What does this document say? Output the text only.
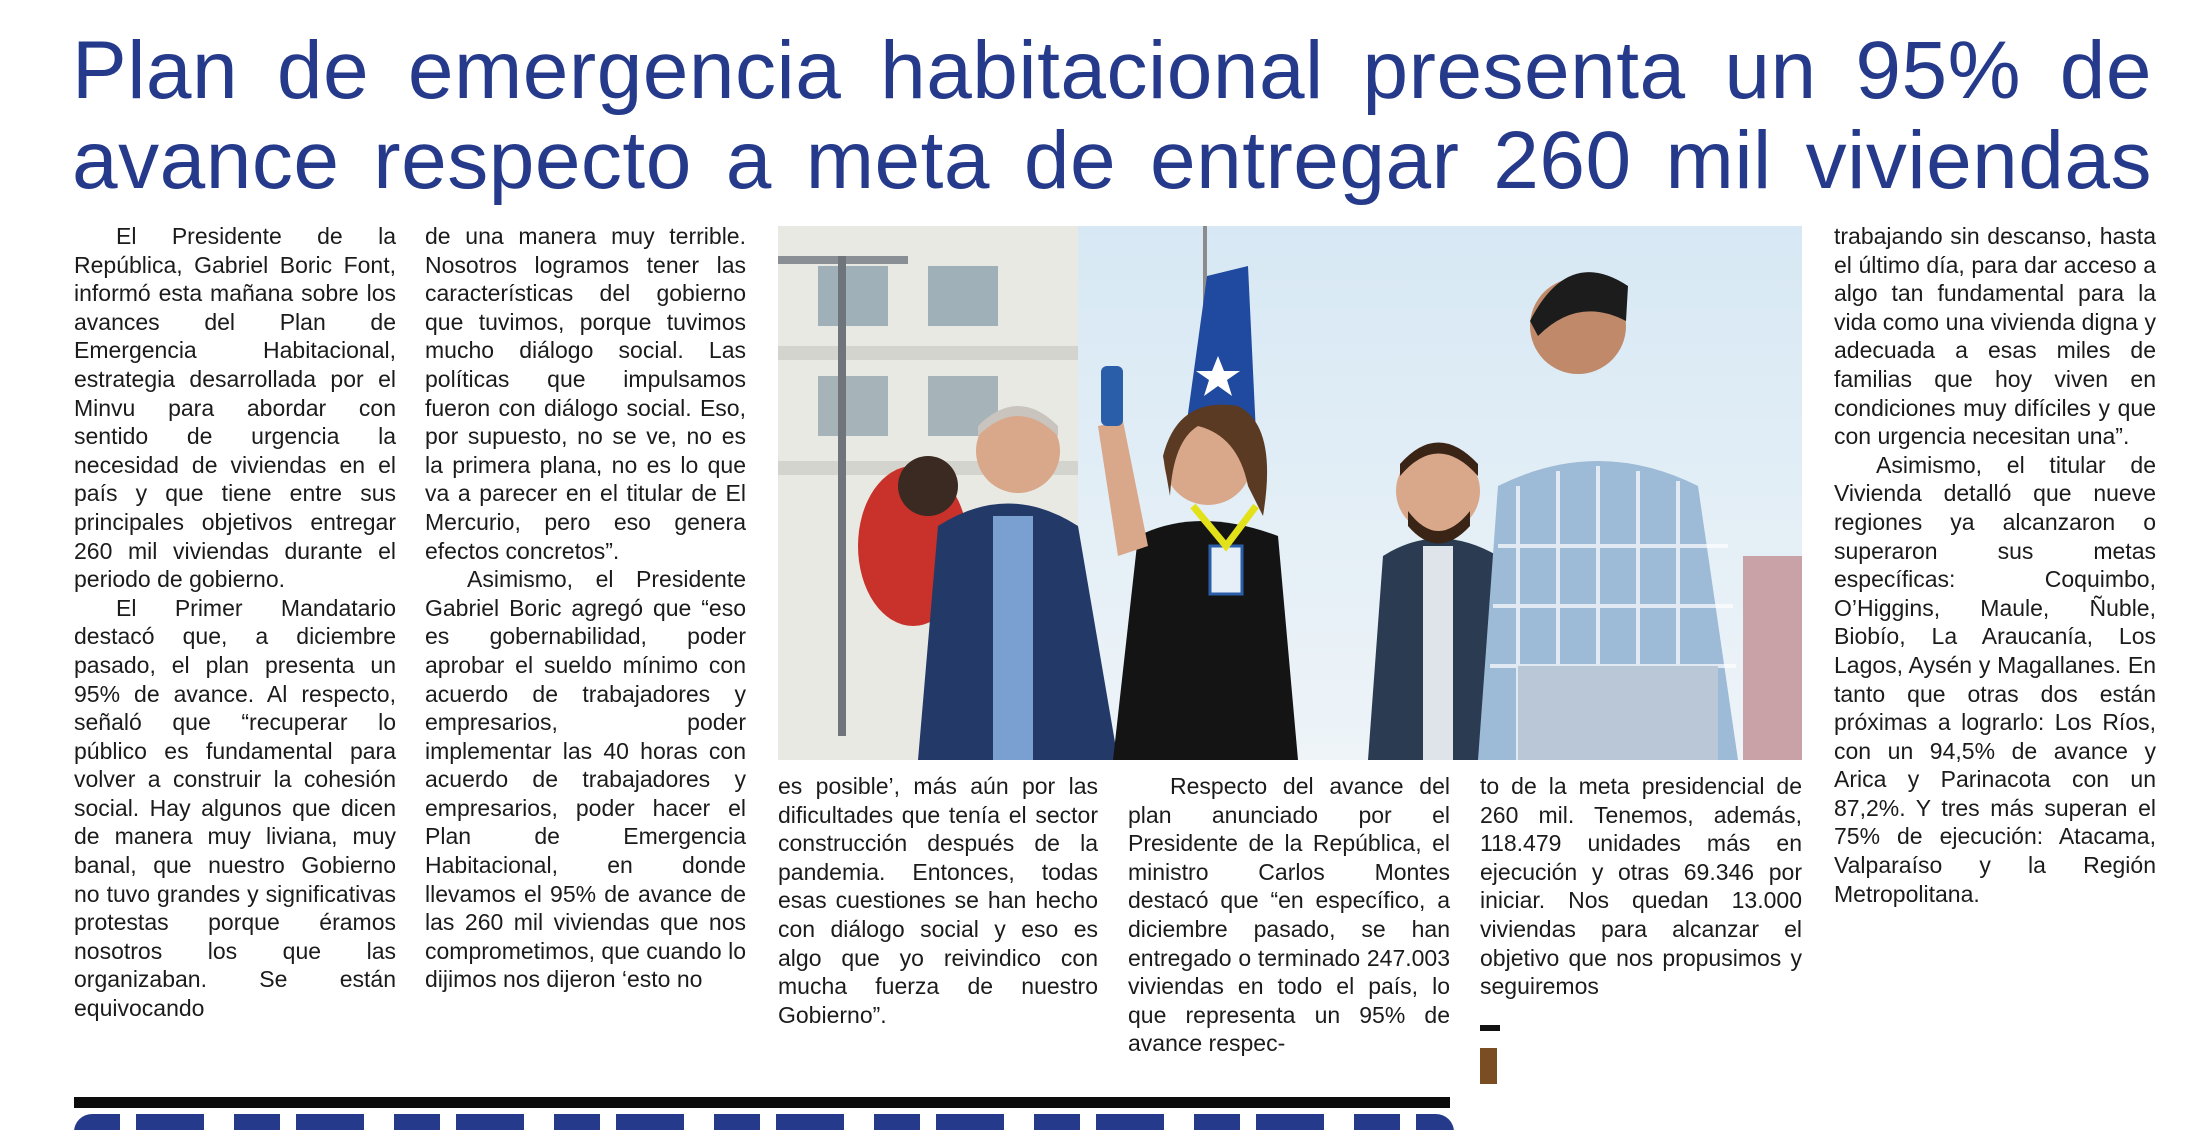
Plan de emergencia habitacional presenta un 95% de
avance respecto a meta de entregar 260 mil viviendas

El Presidente de la República, Gabriel Boric Font, informó esta mañana sobre los avances del Plan de Emergencia Habitacional, estrategia desarrollada por el Minvu para abordar con sentido de urgencia la necesidad de viviendas en el país y que tiene entre sus principales objetivos entregar 260 mil viviendas durante el periodo de gobierno.

El Primer Mandatario destacó que, a diciembre pasado, el plan presenta un 95% de avance. Al respecto, señaló que “recuperar lo público es fundamental para volver a construir la cohesión social. Hay algunos que dicen de manera muy liviana, muy banal, que nuestro Gobierno no tuvo grandes y significativas protestas porque éramos nosotros los que las organizaban. Se están equivocando

de una manera muy terrible. Nosotros logramos tener las características del gobierno que tuvimos, porque tuvimos mucho diálogo social. Las políticas que impulsamos fueron con diálogo social. Eso, por supuesto, no se ve, no es la primera plana, no es lo que va a parecer en el titular de El Mercurio, pero eso genera efectos concretos”.

Asimismo, el Presidente Gabriel Boric agregó que “eso es gobernabilidad, poder aprobar el sueldo mínimo con acuerdo de trabajadores y empresarios, poder implementar las 40 horas con acuerdo de trabajadores y empresarios, poder hacer el Plan de Emergencia Habitacional, en donde llevamos el 95% de avance de las 260 mil viviendas que nos comprometimos, que cuando lo dijimos nos dijeron ‘esto no

es posible’, más aún por las dificultades que tenía el sector construcción después de la pandemia. Entonces, todas esas cuestiones se han hecho con diálogo social y eso es algo que yo reivindico con mucha fuerza de nuestro Gobierno”.

Respecto del avance del plan anunciado por el Presidente de la República, el ministro Carlos Montes destacó que “en específico, a diciembre pasado, se han entregado o terminado 247.003 viviendas en todo el país, lo que representa un 95% de avance respec-

to de la meta presidencial de 260 mil. Tenemos, además, 118.479 unidades más en ejecución y otras 69.346 por iniciar. Nos quedan 13.000 viviendas para alcanzar el objetivo que nos propusimos y seguiremos

trabajando sin descanso, hasta el último día, para dar acceso a algo tan fundamental para la vida como una vivienda digna y adecuada a esas miles de familias que hoy viven en condiciones muy difíciles y que con urgencia necesitan una”.

Asimismo, el titular de Vivienda detalló que nueve regiones ya alcanzaron o superaron sus metas específicas: Coquimbo, O’Higgins, Maule, Ñuble, Biobío, La Araucanía, Los Lagos, Aysén y Magallanes. En tanto que otras dos están próximas a lograrlo: Los Ríos, con un 94,5% de avance y Arica y Parinacota con un 87,2%. Y tres más superan el 75% de ejecución: Atacama, Valparaíso y la Región Metropolitana.
